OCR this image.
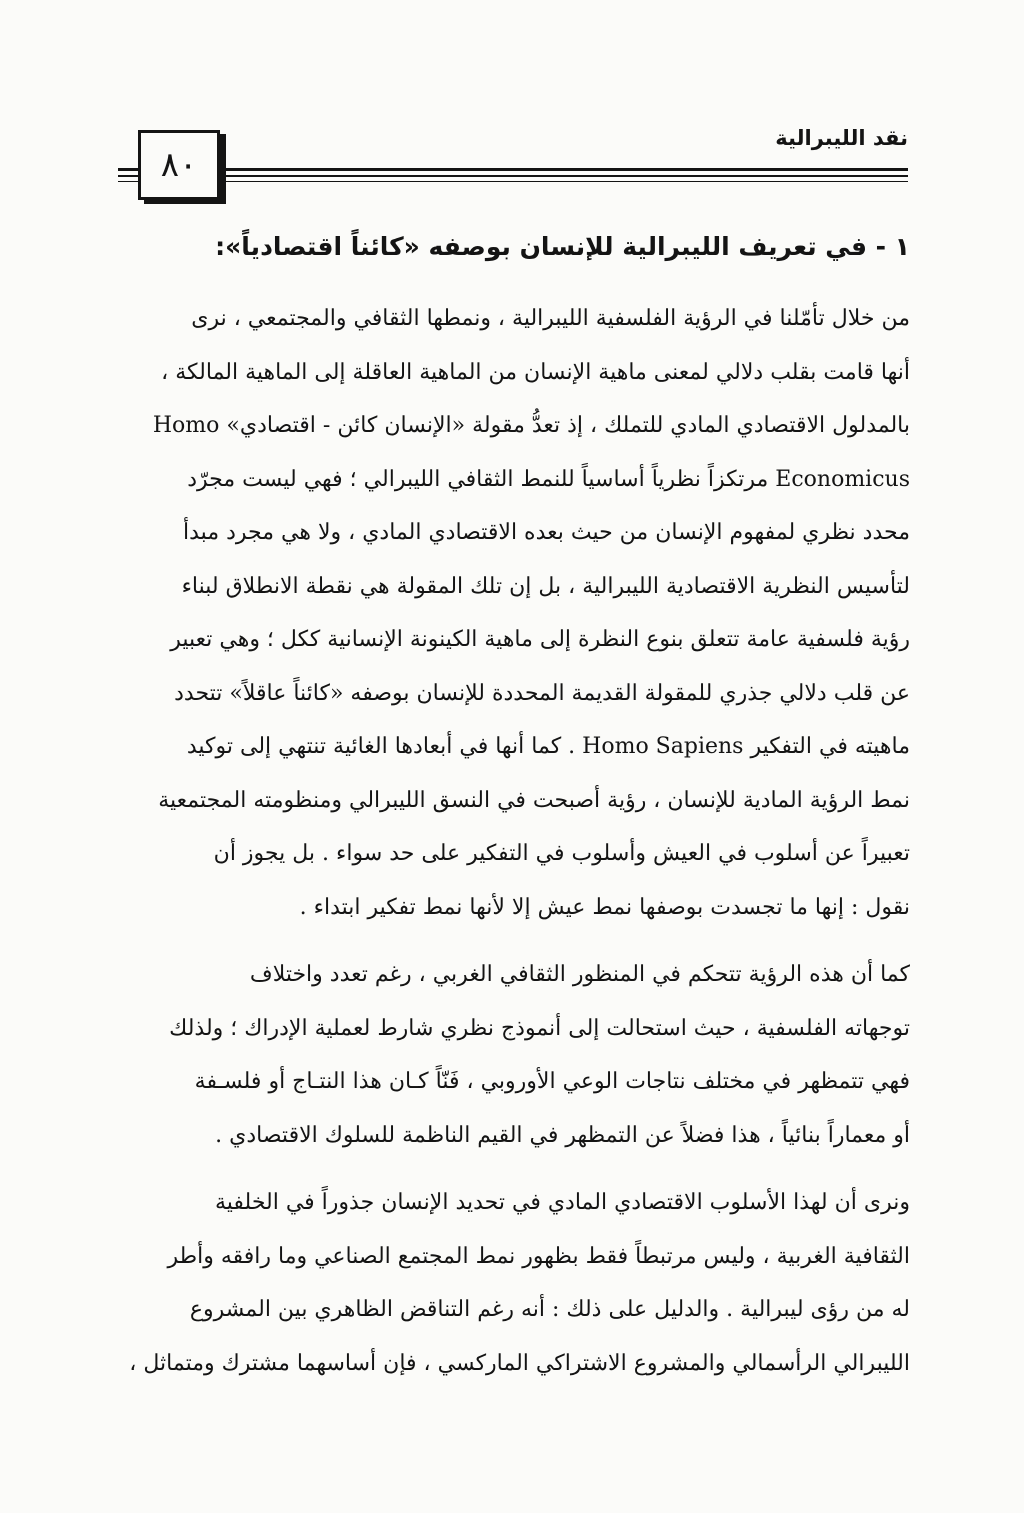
نقد الليبرالية
٨٠
١ - في تعريف الليبرالية للإنسان بوصفه «كائناً اقتصادياً»:
من خلال تأمّلنا في الرؤية الفلسفية الليبرالية ، ونمطها الثقافي والمجتمعي ، نرى
أنها قامت بقلب دلالي لمعنى ماهية الإنسان من الماهية العاقلة إلى الماهية المالكة ،
بالمدلول الاقتصادي المادي للتملك ، إذ تعدُّ مقولة «الإنسان كائن - اقتصادي» Homo
Economicus مرتكزاً نظرياً أساسياً للنمط الثقافي الليبرالي ؛ فهي ليست مجرّد
محدد نظري لمفهوم الإنسان من حيث بعده الاقتصادي المادي ، ولا هي مجرد مبدأ
لتأسيس النظرية الاقتصادية الليبرالية ، بل إن تلك المقولة هي نقطة الانطلاق لبناء
رؤية فلسفية عامة تتعلق بنوع النظرة إلى ماهية الكينونة الإنسانية ككل ؛ وهي تعبير
عن قلب دلالي جذري للمقولة القديمة المحددة للإنسان بوصفه «كائناً عاقلاً» تتحدد
ماهيته في التفكير Homo Sapiens . كما أنها في أبعادها الغائية تنتهي إلى توكيد
نمط الرؤية المادية للإنسان ، رؤية أصبحت في النسق الليبرالي ومنظومته المجتمعية
تعبيراً عن أسلوب في العيش وأسلوب في التفكير على حد سواء . بل يجوز أن
نقول : إنها ما تجسدت بوصفها نمط عيش إلا لأنها نمط تفكير ابتداء .
كما أن هذه الرؤية تتحكم في المنظور الثقافي الغربي ، رغم تعدد واختلاف
توجهاته الفلسفية ، حيث استحالت إلى أنموذج نظري شارط لعملية الإدراك ؛ ولذلك
فهي تتمظهر في مختلف نتاجات الوعي الأوروبي ، فَنّاً كـان هذا النتـاج أو فلسـفة
أو معماراً بنائياً ، هذا فضلاً عن التمظهر في القيم الناظمة للسلوك الاقتصادي .
ونرى أن لهذا الأسلوب الاقتصادي المادي في تحديد الإنسان جذوراً في الخلفية
الثقافية الغربية ، وليس مرتبطاً فقط بظهور نمط المجتمع الصناعي وما رافقه وأطر
له من رؤى ليبرالية . والدليل على ذلك : أنه رغم التناقض الظاهري بين المشروع
الليبرالي الرأسمالي والمشروع الاشتراكي الماركسي ، فإن أساسهما مشترك ومتماثل ،
